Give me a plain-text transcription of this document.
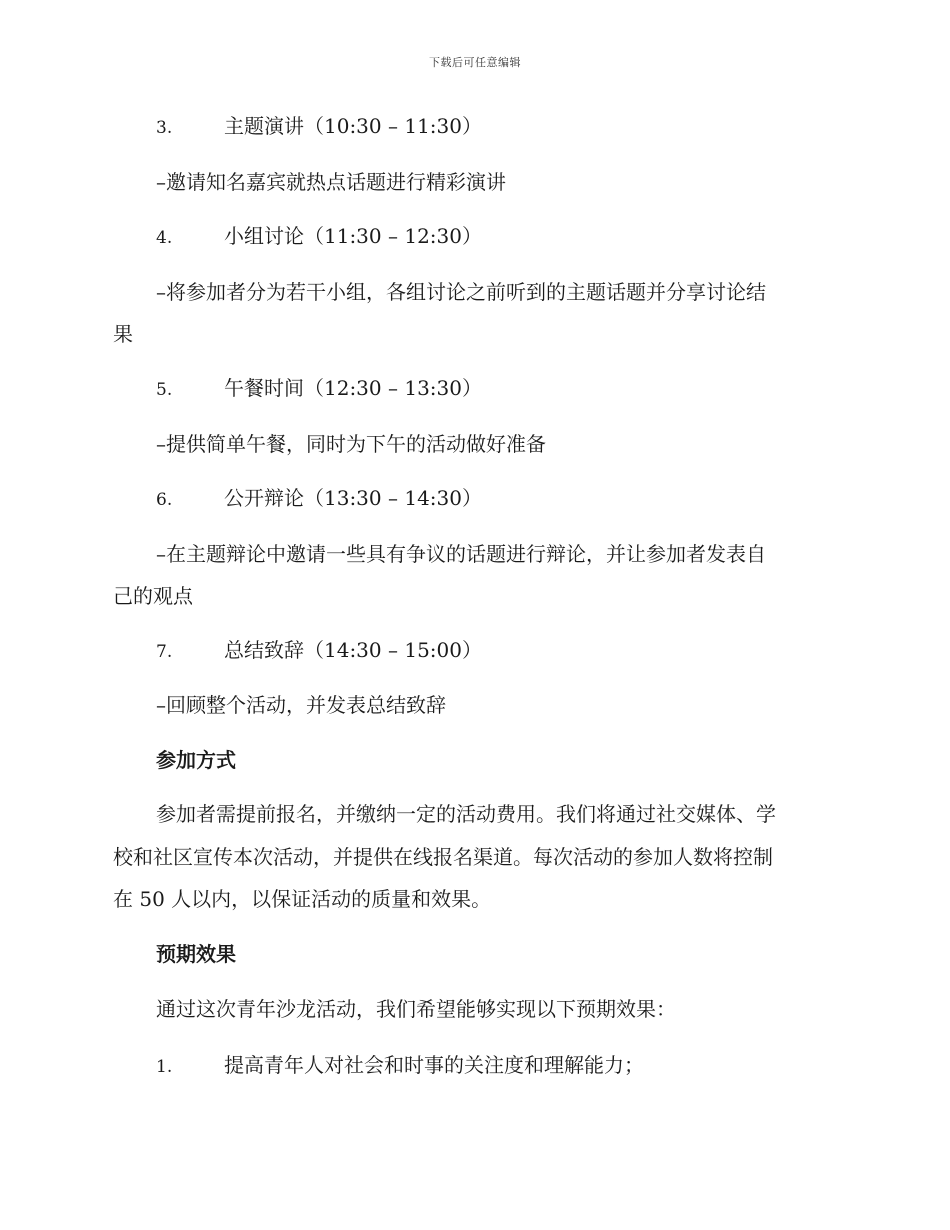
下载后可任意编辑
3.	主题演讲（10:30 – 11:30）
–邀请知名嘉宾就热点话题进行精彩演讲
4.	小组讨论（11:30 – 12:30）
–将参加者分为若干小组，各组讨论之前听到的主题话题并分享讨论结
果
5.	午餐时间（12:30 – 13:30）
–提供简单午餐，同时为下午的活动做好准备
6.	公开辩论（13:30 – 14:30）
–在主题辩论中邀请一些具有争议的话题进行辩论，并让参加者发表自
己的观点
7.	总结致辞（14:30 – 15:00）
–回顾整个活动，并发表总结致辞
参加方式
参加者需提前报名，并缴纳一定的活动费用。我们将通过社交媒体、学
校和社区宣传本次活动，并提供在线报名渠道。每次活动的参加人数将控制
在 50 人以内，以保证活动的质量和效果。
预期效果
通过这次青年沙龙活动，我们希望能够实现以下预期效果：
1.	提高青年人对社会和时事的关注度和理解能力；
